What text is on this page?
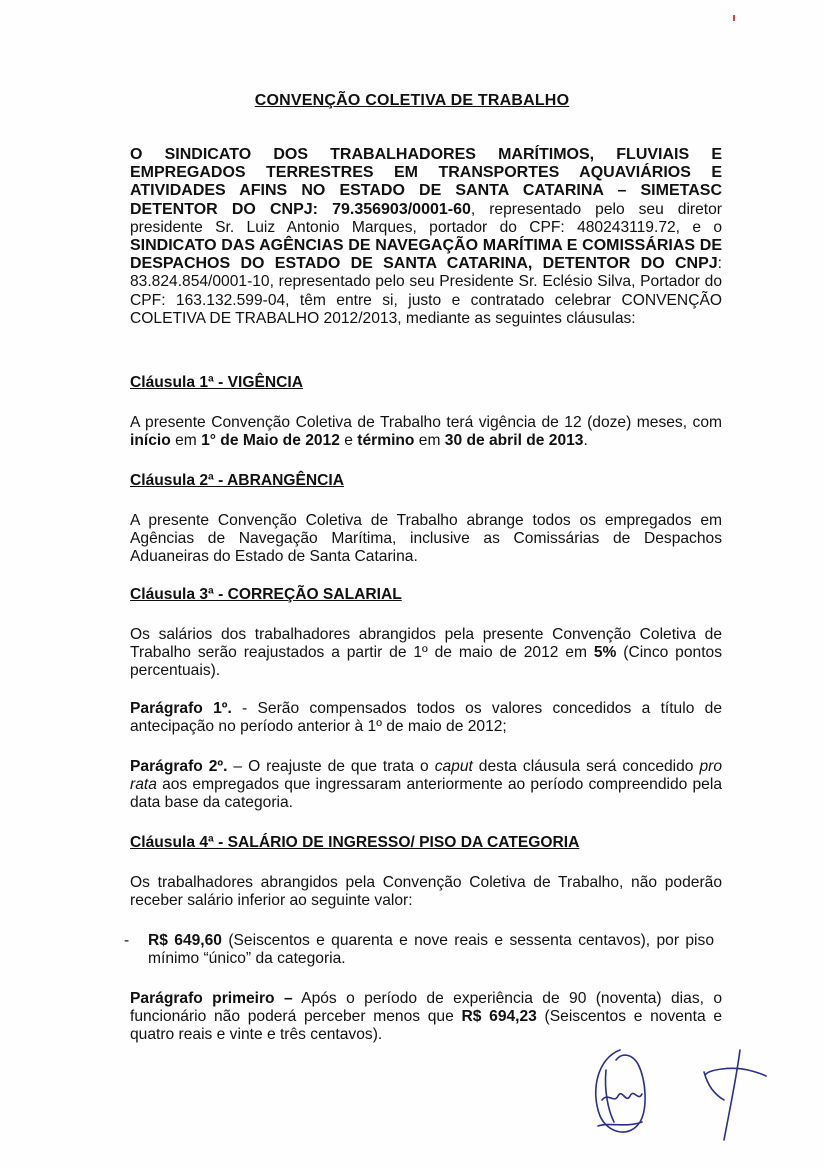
CONVENÇÃO COLETIVA DE TRABALHO
O SINDICATO DOS TRABALHADORES MARÍTIMOS, FLUVIAIS E EMPREGADOS TERRESTRES EM TRANSPORTES AQUAVIÁRIOS E ATIVIDADES AFINS NO ESTADO DE SANTA CATARINA – SIMETASC DETENTOR DO CNPJ: 79.356903/0001-60, representado pelo seu diretor presidente Sr. Luiz Antonio Marques, portador do CPF: 480243119.72, e o SINDICATO DAS AGÊNCIAS DE NAVEGAÇÃO MARÍTIMA E COMISSÁRIAS DE DESPACHOS DO ESTADO DE SANTA CATARINA, DETENTOR DO CNPJ: 83.824.854/0001-10, representado pelo seu Presidente Sr. Eclésio Silva, Portador do CPF: 163.132.599-04, têm entre si, justo e contratado celebrar CONVENÇÃO COLETIVA DE TRABALHO 2012/2013, mediante as seguintes cláusulas:
Cláusula 1ª - VIGÊNCIA
A presente Convenção Coletiva de Trabalho terá vigência de 12 (doze) meses, com início em 1° de Maio de 2012 e término em 30 de abril de 2013.
Cláusula 2ª - ABRANGÊNCIA
A presente Convenção Coletiva de Trabalho abrange todos os empregados em Agências de Navegação Marítima, inclusive as Comissárias de Despachos Aduaneiras do Estado de Santa Catarina.
Cláusula 3ª - CORREÇÃO SALARIAL
Os salários dos trabalhadores abrangidos pela presente Convenção Coletiva de Trabalho serão reajustados a partir de 1º de maio de 2012 em 5% (Cinco pontos percentuais).
Parágrafo 1º. - Serão compensados todos os valores concedidos a título de antecipação no período anterior à 1º de maio de 2012;
Parágrafo 2º. – O reajuste de que trata o caput desta cláusula será concedido pro rata aos empregados que ingressaram anteriormente ao período compreendido pela data base da categoria.
Cláusula 4ª - SALÁRIO DE INGRESSO/ PISO DA CATEGORIA
Os trabalhadores abrangidos pela Convenção Coletiva de Trabalho, não poderão receber salário inferior ao seguinte valor:
R$ 649,60 (Seiscentos e quarenta e nove reais e sessenta centavos), por piso mínimo “único” da categoria.
-
Parágrafo primeiro – Após o período de experiência de 90 (noventa) dias, o funcionário não poderá perceber menos que R$ 694,23 (Seiscentos e noventa e quatro reais e vinte e três centavos).
